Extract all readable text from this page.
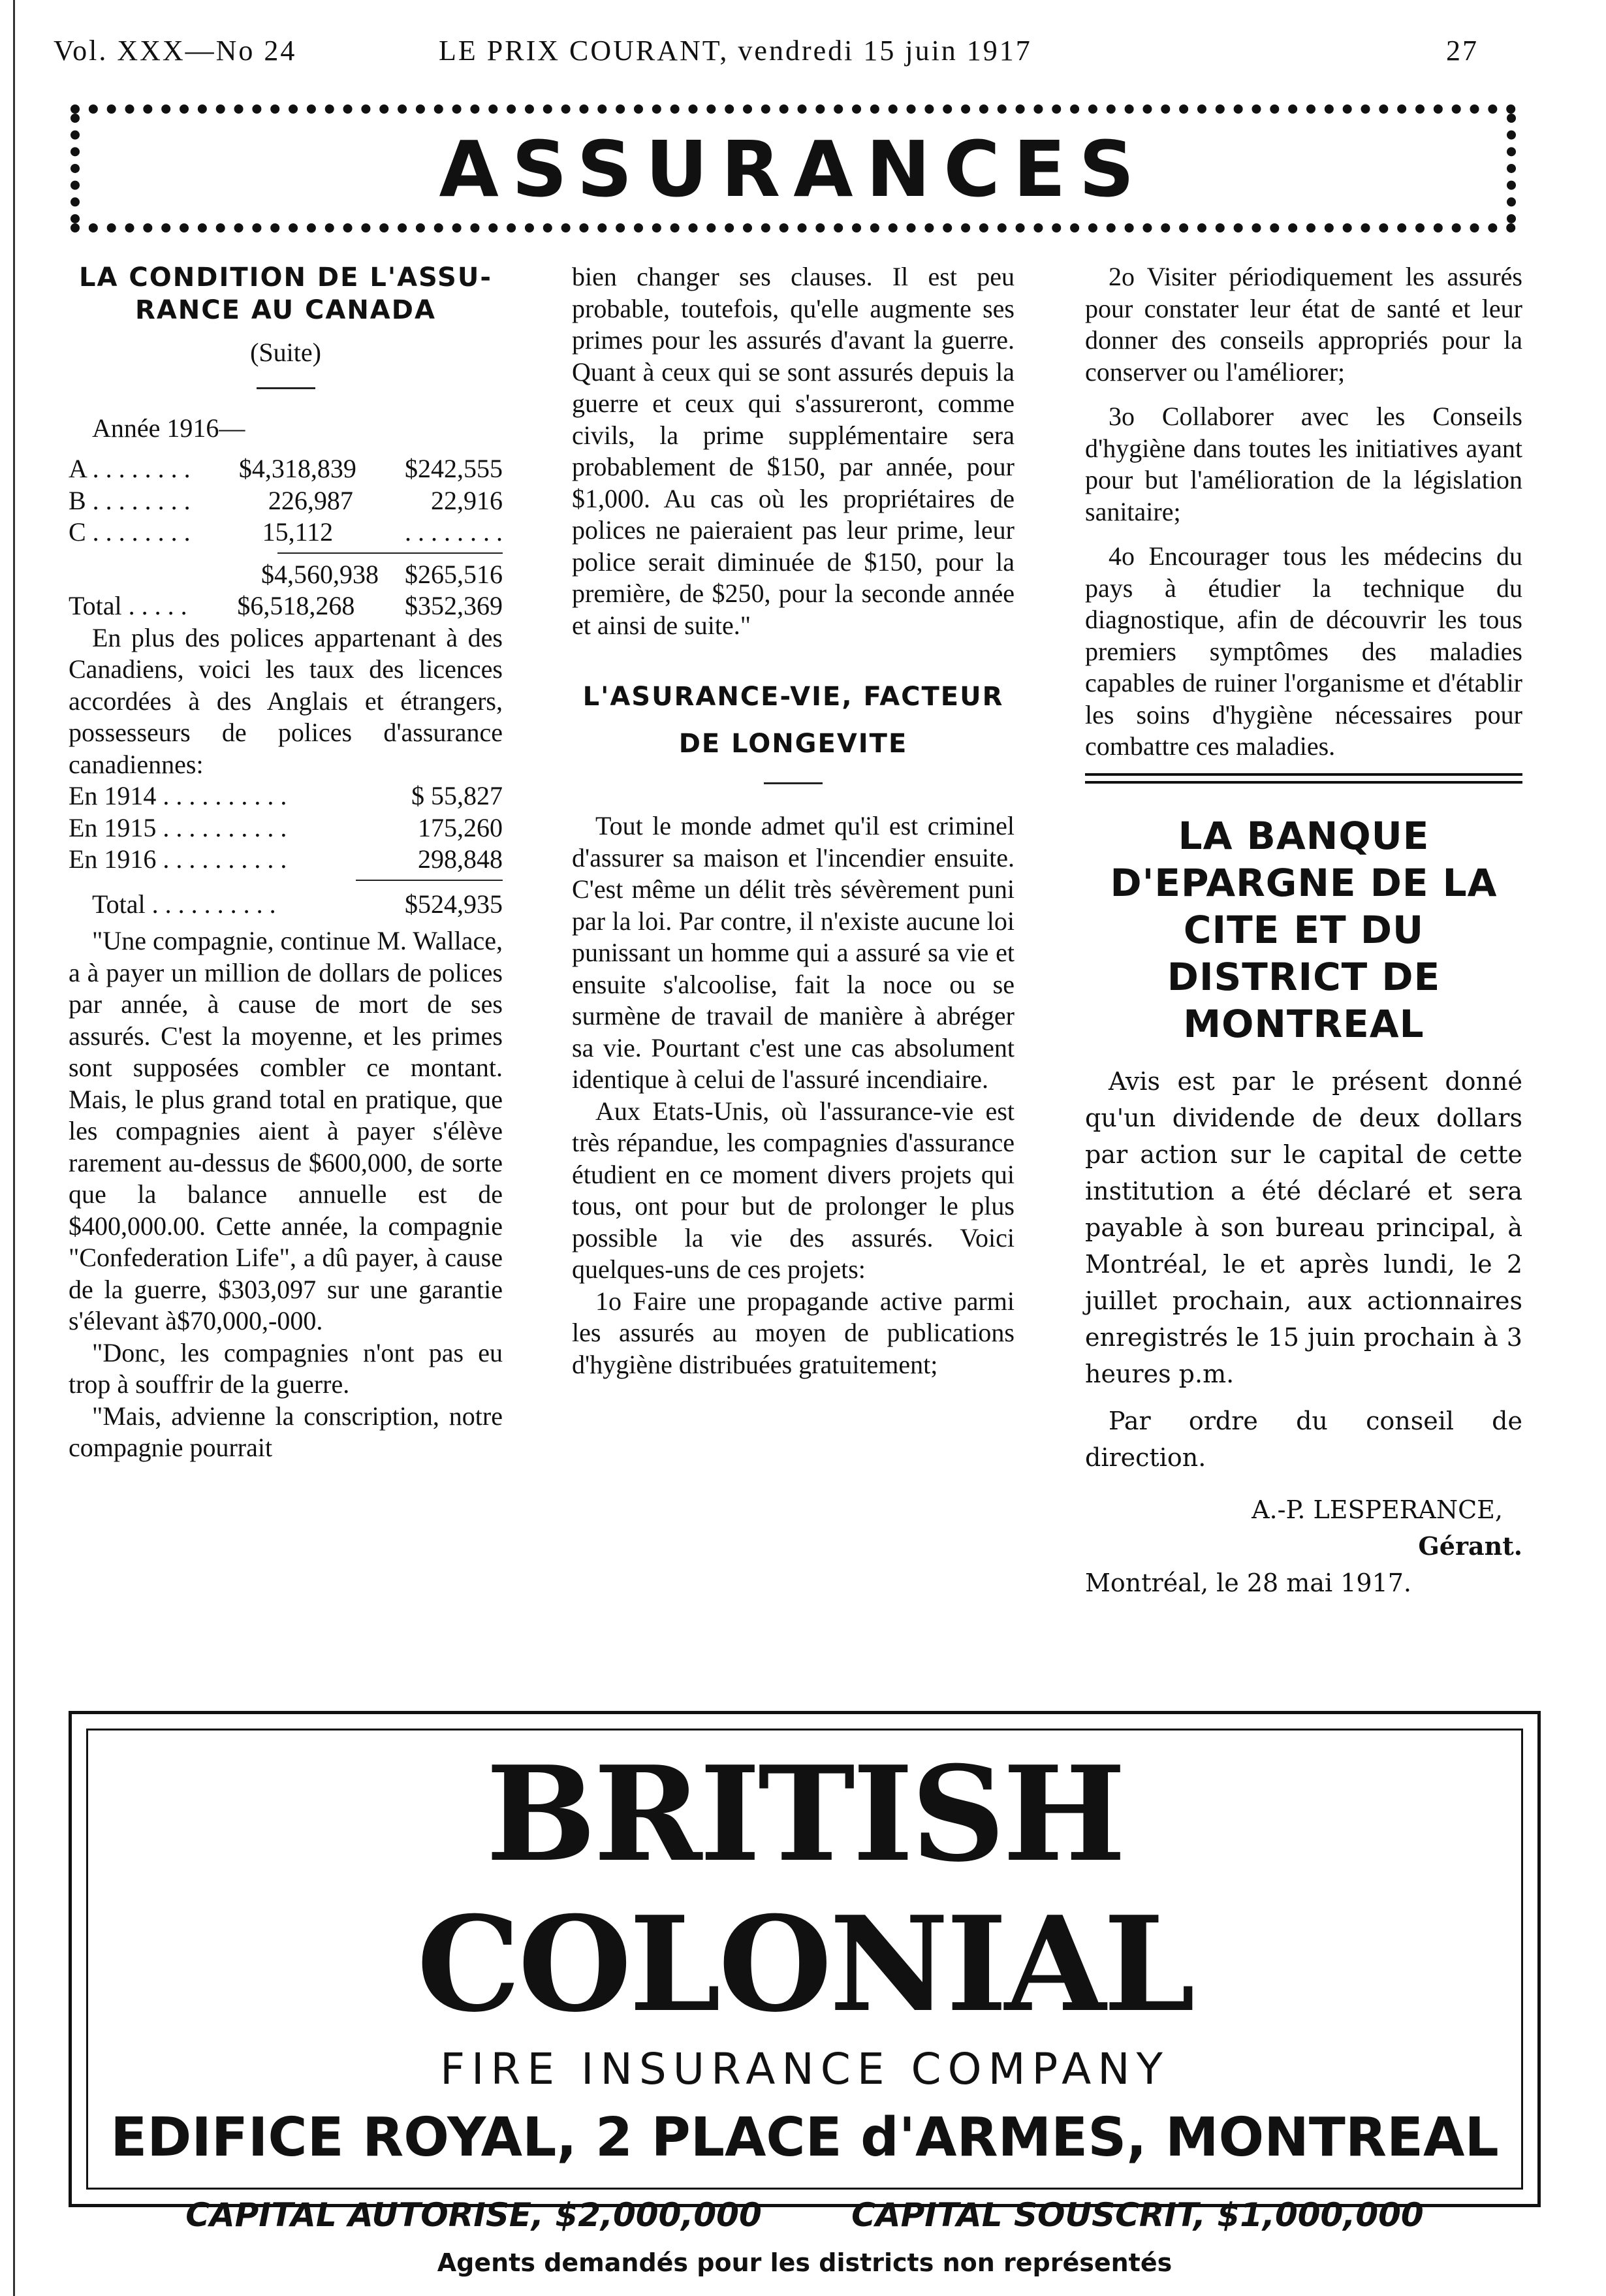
Vol. XXX—No 24	LE PRIX COURANT, vendredi 15 juin 1917	27
ASSURANCES
LA CONDITION DE L'ASSU-RANCE AU CANADA

(Suite)

Année 1916—

A . . . . . . . . $4,318,839 $242,555
B . . . . . . . .	226,987	22,916
C . . . . . . . .	15,112	. . . . . . . .
$4,560,938 $265,516
Total . . . . . $6,518,268 $352,369

En plus des polices appartenant à des Canadiens, voici les taux des licences accordées à des Anglais et étrangers, possesseurs de polices d'assurance canadiennes:

En 1914 . . . . . . . . . .	$ 55,827
En 1915 . . . . . . . . . .	175,260
En 1916 . . . . . . . . . .	298,848
Total . . . . . . . . . .	$524,935

"Une compagnie, continue M. Wallace, a à payer un million de dollars de polices par année, à cause de mort de ses assurés. C'est la moyenne, et les primes sont supposées combler ce montant. Mais, le plus grand total en pratique, que les compagnies aient à payer s'élève rarement au-dessus de $600,000, de sorte que la balance annuelle est de $400,000.00. Cette année, la compagnie "Confederation Life", a dû payer, à cause de la guerre, $303,097 sur une garantie s'élevant à$70,000,-000.

"Donc, les compagnies n'ont pas eu trop à souffrir de la guerre.

"Mais, advienne la conscription, notre compagnie pourrait

bien changer ses clauses. Il est peu probable, toutefois, qu'elle augmente ses primes pour les assurés d'avant la guerre. Quant à ceux qui se sont assurés depuis la guerre et ceux qui s'assureront, comme civils, la prime supplémentaire sera probablement de $150, par année, pour $1,000. Au cas où les propriétaires de polices ne paieraient pas leur prime, leur police serait diminuée de $150, pour la première, de $250, pour la seconde année et ainsi de suite."

L'ASURANCE-VIE, FACTEUR
DE LONGEVITE

Tout le monde admet qu'il est criminel d'assurer sa maison et l'incendier ensuite. C'est même un délit très sévèrement puni par la loi. Par contre, il n'existe aucune loi punissant un homme qui a assuré sa vie et ensuite s'alcoolise, fait la noce ou se surmène de travail de manière à abréger sa vie. Pourtant c'est une cas absolument identique à celui de l'assuré incendiaire.

Aux Etats-Unis, où l'assurance-vie est très répandue, les compagnies d'assurance étudient en ce moment divers projets qui tous, ont pour but de prolonger le plus possible la vie des assurés. Voici quelques-uns de ces projets:

1o Faire une propagande active parmi les assurés au moyen de publications d'hygiène distribuées gratuitement;

2o Visiter périodiquement les assurés pour constater leur état de santé et leur donner des conseils appropriés pour la conserver ou l'améliorer;

3o Collaborer avec les Conseils d'hygiène dans toutes les initiatives ayant pour but l'amélioration de la législation sanitaire;

4o Encourager tous les médecins du pays à étudier la technique du diagnostique, afin de découvrir les tous premiers symptômes des maladies capables de ruiner l'organisme et d'établir les soins d'hygiène nécessaires pour combattre ces maladies.

LA BANQUE D'EPARGNE DE LA CITE ET DU DISTRICT DE MONTREAL

Avis est par le présent donné qu'un dividende de deux dollars par action sur le capital de cette institution a été déclaré et sera payable à son bureau principal, à Montréal, le et après lundi, le 2 juillet prochain, aux actionnaires enregistrés le 15 juin prochain à 3 heures p.m.

Par ordre du conseil de direction.

A.-P. LESPERANCE,

Gérant.

Montréal, le 28 mai 1917.

BRITISH COLONIAL
FIRE INSURANCE COMPANY
EDIFICE ROYAL, 2 PLACE d'ARMES, MONTREAL
CAPITAL AUTORISE, $2,000,000	CAPITAL SOUSCRIT, $1,000,000
Agents demandés pour les districts non représentés
